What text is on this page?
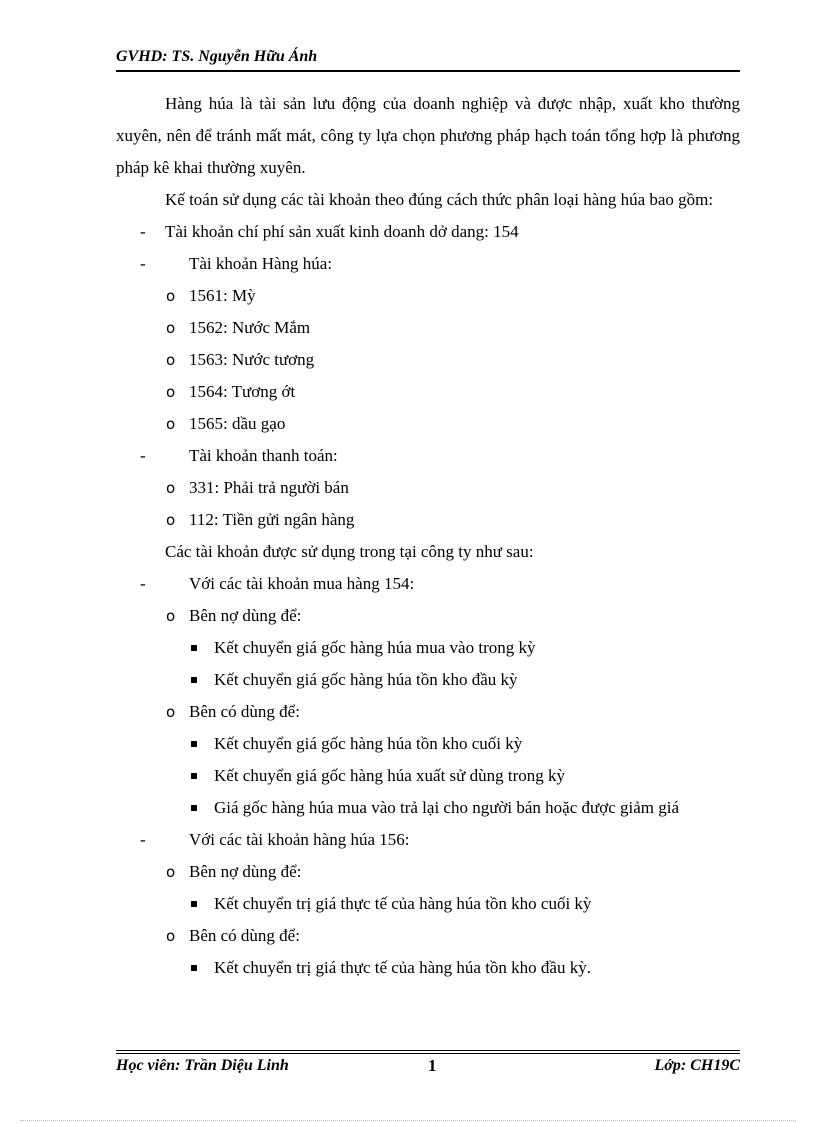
GVHD: TS. Nguyễn Hữu Ánh
Hàng húa là tài sản lưu động của doanh nghiệp và được nhập, xuất kho thường xuyên, nên để tránh mất mát, công ty lựa chọn phương pháp hạch toán tổng hợp là phương pháp kê khai thường xuyên.
Kế toán sử dụng các tài khoản theo đúng cách thức phân loại hàng húa bao gồm:
- Tài khoản chí phí sản xuất kinh doanh dở dang: 154
-	Tài khoản Hàng húa:
o 1561: Mỳ
o 1562: Nước Mắm
o 1563: Nước tương
o 1564: Tương ớt
o 1565: dầu gạo
-	Tài khoản thanh toán:
o 331: Phải trả người bán
o 112: Tiền gửi ngân hàng
Các tài khoản được sử dụng trong tại công ty như sau:
-	Với các tài khoản mua hàng 154:
o Bên nợ dùng để:
Kết chuyển giá gốc hàng húa mua vào trong kỳ
Kết chuyển giá gốc hàng húa tồn kho đầu kỳ
o Bên có dùng để:
Kết chuyển giá gốc hàng húa tồn kho cuối kỳ
Kết chuyển giá gốc hàng húa xuất sử dùng trong kỳ
Giá gốc hàng húa mua vào trả lại cho người bán hoặc được giảm giá
-	Với các tài khoản hàng húa 156:
o Bên nợ dùng để:
Kết chuyển trị giá thực tế của hàng húa tồn kho cuối kỳ
o Bên có dùng để:
Kết chuyển trị giá thực tế của hàng húa tồn kho đầu kỳ.
Học viên: Trần Diệu Linh	1	Lớp: CH19C
